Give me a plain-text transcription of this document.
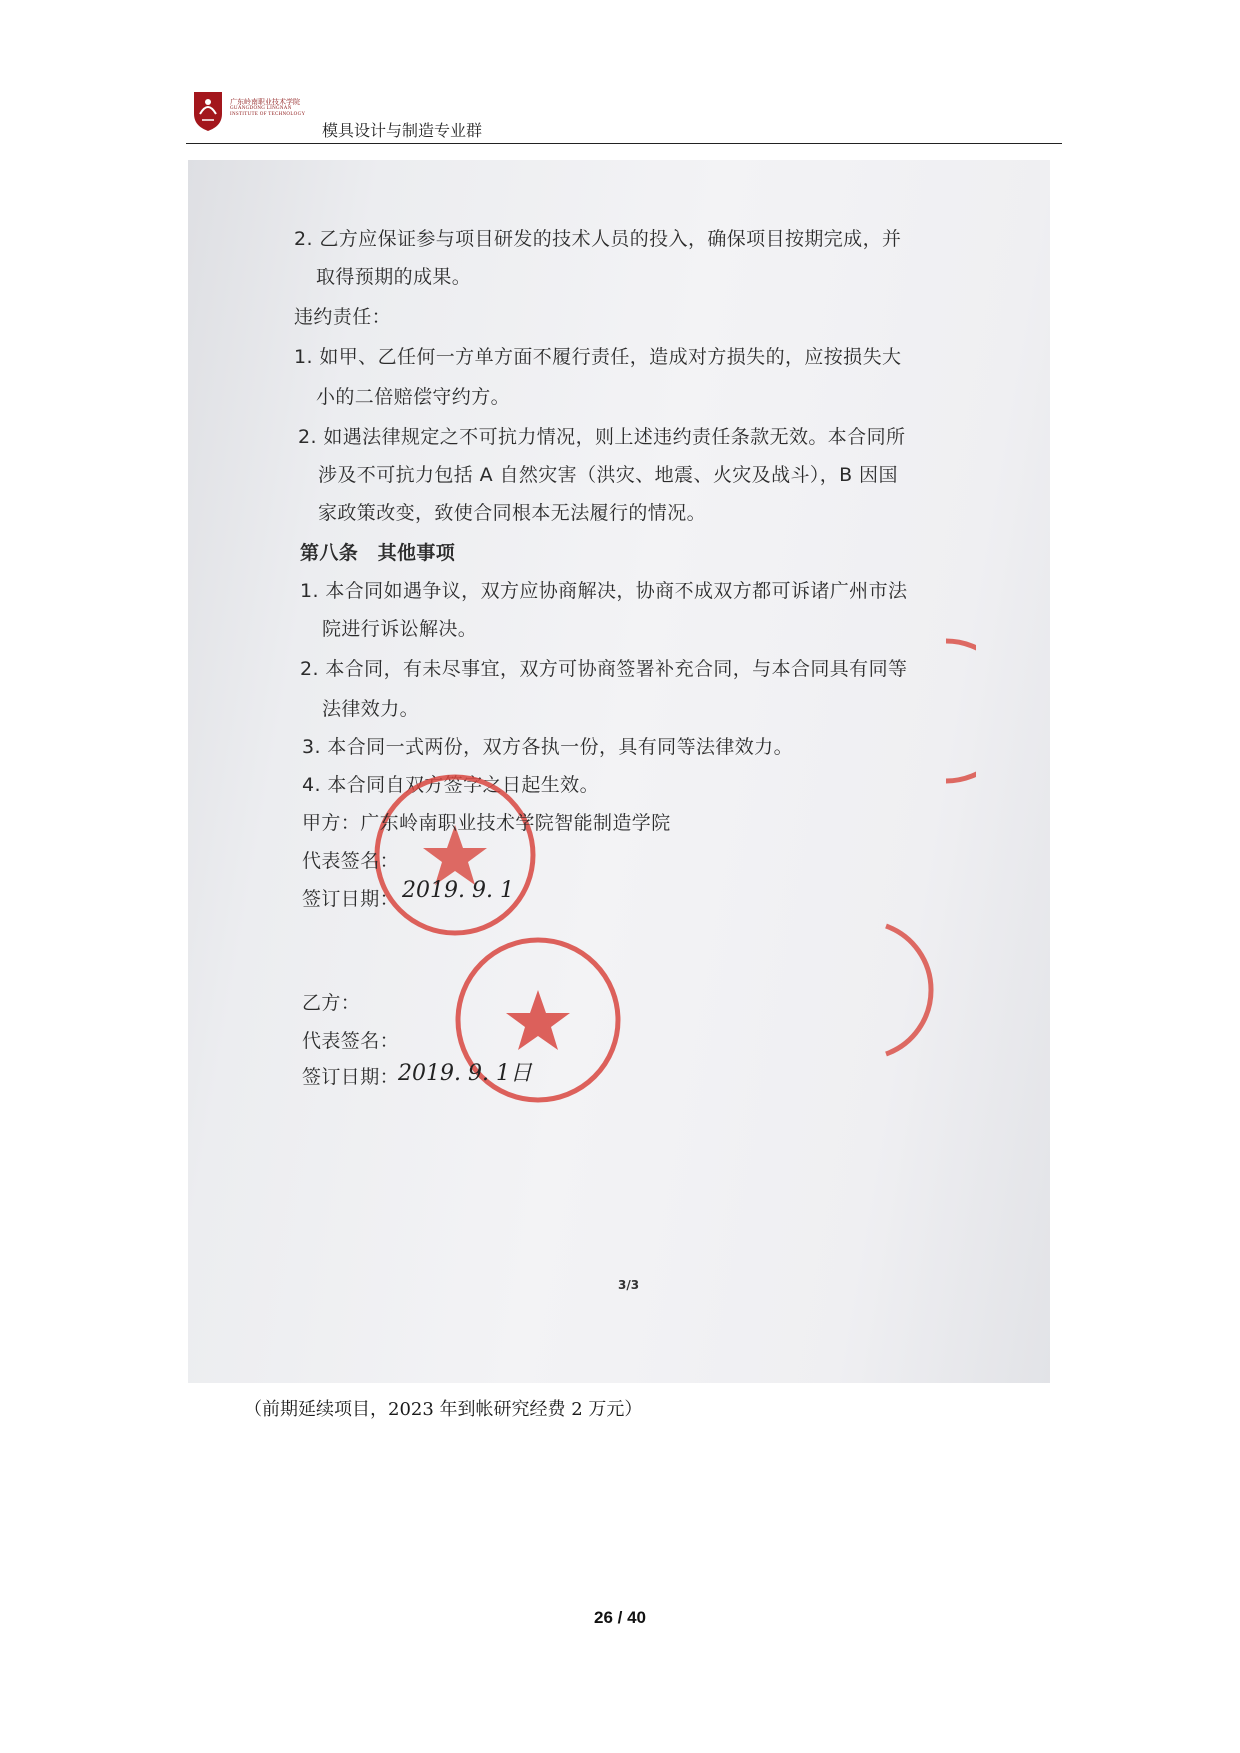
广东岭南职业技术学院
GUANGDONG LINGNAN
INSTITUTE OF TECHNOLOGY
模具设计与制造专业群
2. 乙方应保证参与项目研发的技术人员的投入，确保项目按期完成，并
取得预期的成果。
违约责任：
1. 如甲、乙任何一方单方面不履行责任，造成对方损失的，应按损失大
小的二倍赔偿守约方。
2. 如遇法律规定之不可抗力情况，则上述违约责任条款无效。本合同所
涉及不可抗力包括 A 自然灾害（洪灾、地震、火灾及战斗），B 因国
家政策改变，致使合同根本无法履行的情况。
第八条　其他事项
1. 本合同如遇争议，双方应协商解决，协商不成双方都可诉诸广州市法
院进行诉讼解决。
2. 本合同，有未尽事宜，双方可协商签署补充合同，与本合同具有同等
法律效力。
3. 本合同一式两份，双方各执一份，具有同等法律效力。
4. 本合同自双方签字之日起生效。
甲方：广东岭南职业技术学院智能制造学院
代表签名：
签订日期： 2019. 9. 1
乙方：
代表签名：
签订日期：
2019. 9. 1日
3/3
（前期延续项目，2023 年到帐研究经费 2 万元）
26 / 40
